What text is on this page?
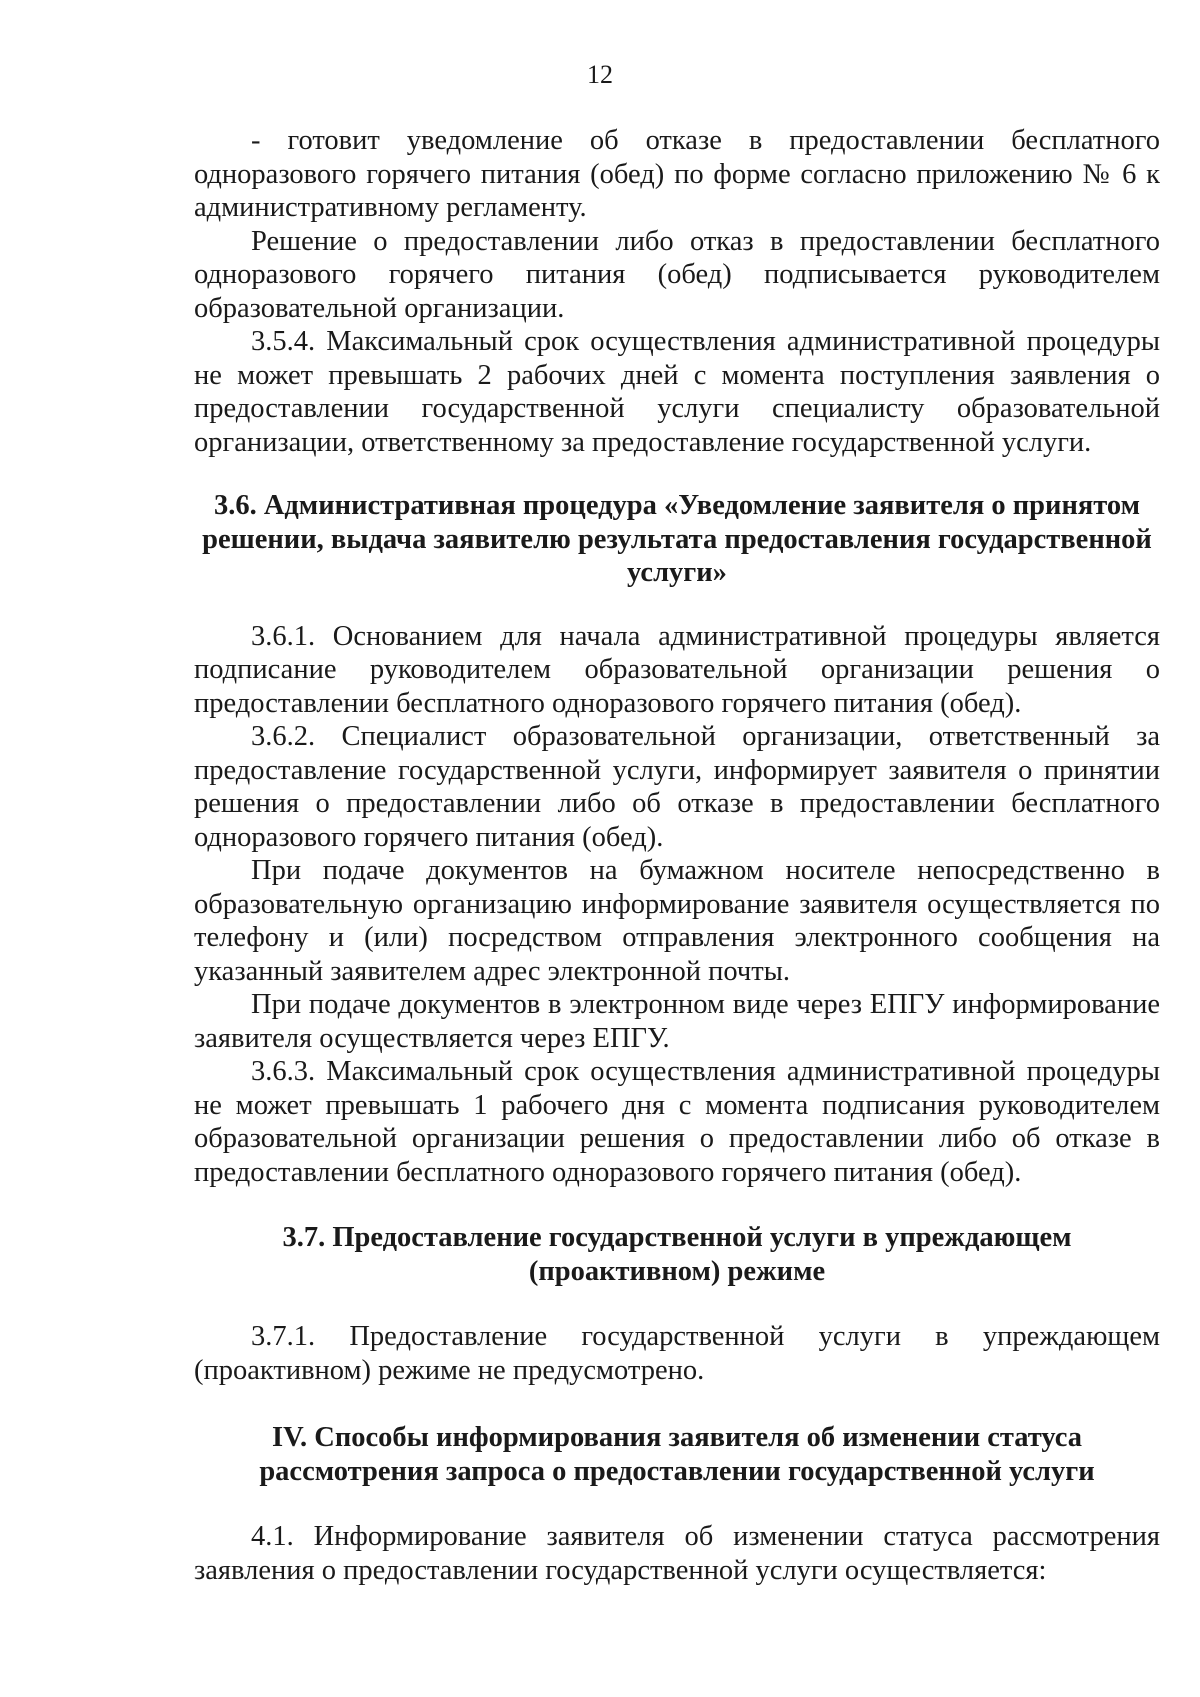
12

- готовит уведомление об отказе в предоставлении бесплатного одноразового горячего питания (обед) по форме согласно приложению № 6 к административному регламенту.

Решение о предоставлении либо отказ в предоставлении бесплатного одноразового горячего питания (обед) подписывается руководителем образовательной организации.

3.5.4. Максимальный срок осуществления административной процедуры не может превышать 2 рабочих дней с момента поступления заявления о предоставлении государственной услуги специалисту образовательной организации, ответственному за предоставление государственной услуги.

3.6. Административная процедура «Уведомление заявителя о принятом решении, выдача заявителю результата предоставления государственной услуги»

3.6.1. Основанием для начала административной процедуры является подписание руководителем образовательной организации решения о предоставлении бесплатного одноразового горячего питания (обед).

3.6.2. Специалист образовательной организации, ответственный за предоставление государственной услуги, информирует заявителя о принятии решения о предоставлении либо об отказе в предоставлении бесплатного одноразового горячего питания (обед).

При подаче документов на бумажном носителе непосредственно в образовательную организацию информирование заявителя осуществляется по телефону и (или) посредством отправления электронного сообщения на указанный заявителем адрес электронной почты.

При подаче документов в электронном виде через ЕПГУ информирование заявителя осуществляется через ЕПГУ.

3.6.3. Максимальный срок осуществления административной процедуры не может превышать 1 рабочего дня с момента подписания руководителем образовательной организации решения о предоставлении либо об отказе в предоставлении бесплатного одноразового горячего питания (обед).

3.7. Предоставление государственной услуги в упреждающем (проактивном) режиме

3.7.1. Предоставление государственной услуги в упреждающем (проактивном) режиме не предусмотрено.

IV. Способы информирования заявителя об изменении статуса рассмотрения запроса о предоставлении государственной услуги

4.1. Информирование заявителя об изменении статуса рассмотрения заявления о предоставлении государственной услуги осуществляется:
